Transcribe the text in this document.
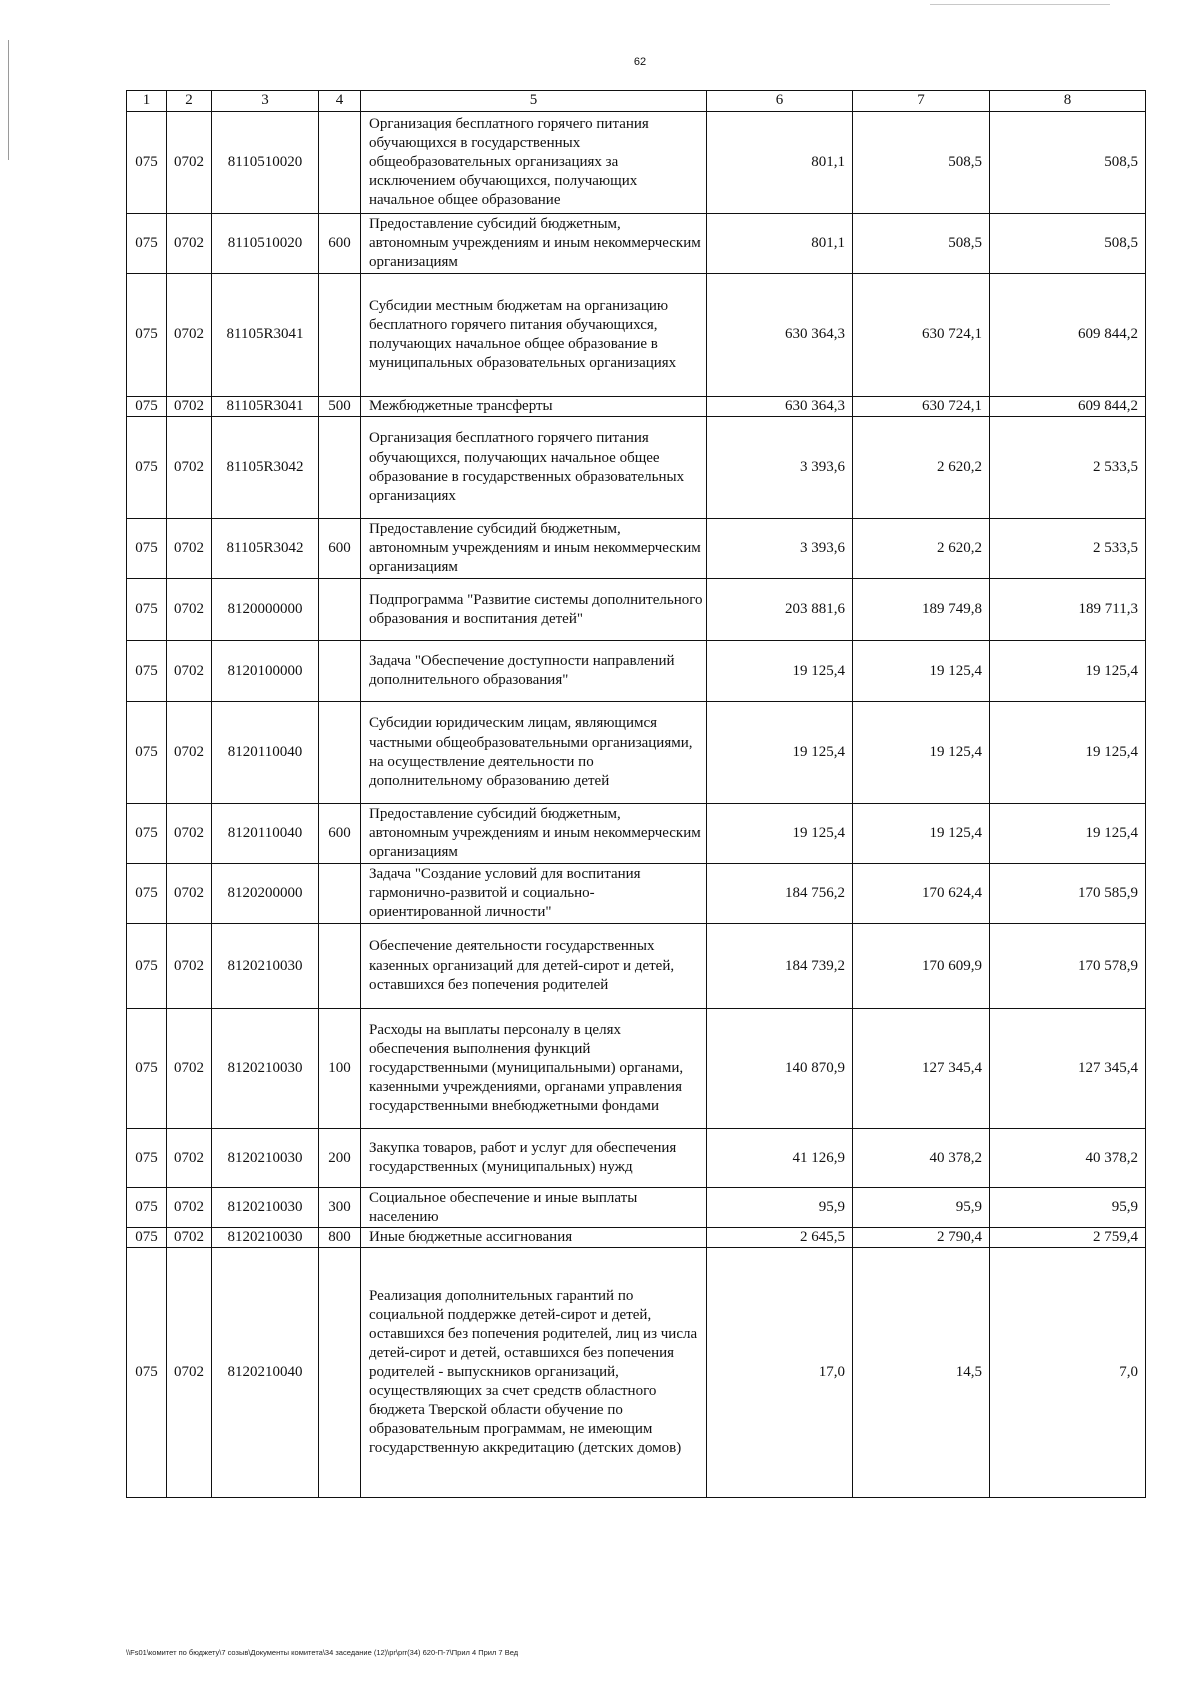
62
1	2	3	4	5	6	7	8
075	0702	8110510020		Организация бесплатного горячего питания обучающихся в государственных общеобразовательных организациях за исключением обучающихся, получающих начальное общее образование	801,1	508,5	508,5
075	0702	8110510020	600	Предоставление субсидий бюджетным, автономным учреждениям и иным некоммерческим организациям	801,1	508,5	508,5
075	0702	81105R3041		Субсидии местным бюджетам на организацию бесплатного горячего питания обучающихся, получающих начальное общее образование в муниципальных образовательных организациях	630 364,3	630 724,1	609 844,2
075	0702	81105R3041	500	Межбюджетные трансферты	630 364,3	630 724,1	609 844,2
075	0702	81105R3042		Организация бесплатного горячего питания обучающихся, получающих начальное общее образование в государственных образовательных организациях	3 393,6	2 620,2	2 533,5
075	0702	81105R3042	600	Предоставление субсидий бюджетным, автономным учреждениям и иным некоммерческим организациям	3 393,6	2 620,2	2 533,5
075	0702	8120000000		Подпрограмма "Развитие системы дополнительного образования и воспитания детей"	203 881,6	189 749,8	189 711,3
075	0702	8120100000		Задача "Обеспечение доступности направлений дополнительного образования"	19 125,4	19 125,4	19 125,4
075	0702	8120110040		Субсидии юридическим лицам, являющимся частными общеобразовательными организациями, на осуществление деятельности по дополнительному образованию детей	19 125,4	19 125,4	19 125,4
075	0702	8120110040	600	Предоставление субсидий бюджетным, автономным учреждениям и иным некоммерческим организациям	19 125,4	19 125,4	19 125,4
075	0702	8120200000		Задача "Создание условий для воспитания гармонично-развитой и социально-ориентированной личности"	184 756,2	170 624,4	170 585,9
075	0702	8120210030		Обеспечение деятельности государственных казенных организаций для детей-сирот и детей, оставшихся без попечения родителей	184 739,2	170 609,9	170 578,9
075	0702	8120210030	100	Расходы на выплаты персоналу в целях обеспечения выполнения функций государственными (муниципальными) органами, казенными учреждениями, органами управления государственными внебюджетными фондами	140 870,9	127 345,4	127 345,4
075	0702	8120210030	200	Закупка товаров, работ и услуг для обеспечения государственных (муниципальных) нужд	41 126,9	40 378,2	40 378,2
075	0702	8120210030	300	Социальное обеспечение и иные выплаты населению	95,9	95,9	95,9
075	0702	8120210030	800	Иные бюджетные ассигнования	2 645,5	2 790,4	2 759,4
075	0702	8120210040		Реализация дополнительных гарантий по социальной поддержке детей-сирот и детей, оставшихся без попечения родителей, лиц из числа детей-сирот и детей, оставшихся без попечения родителей - выпускников организаций, осуществляющих за счет средств областного бюджета Тверской области обучение по образовательным программам, не имеющим государственную аккредитацию (детских домов)	17,0	14,5	7,0
\\Fs01\комитет по бюджету\7 созыв\Документы комитета\34 заседание (12)\pr\prr(34) 620-П-7\Прил 4 Прил 7 Вед
